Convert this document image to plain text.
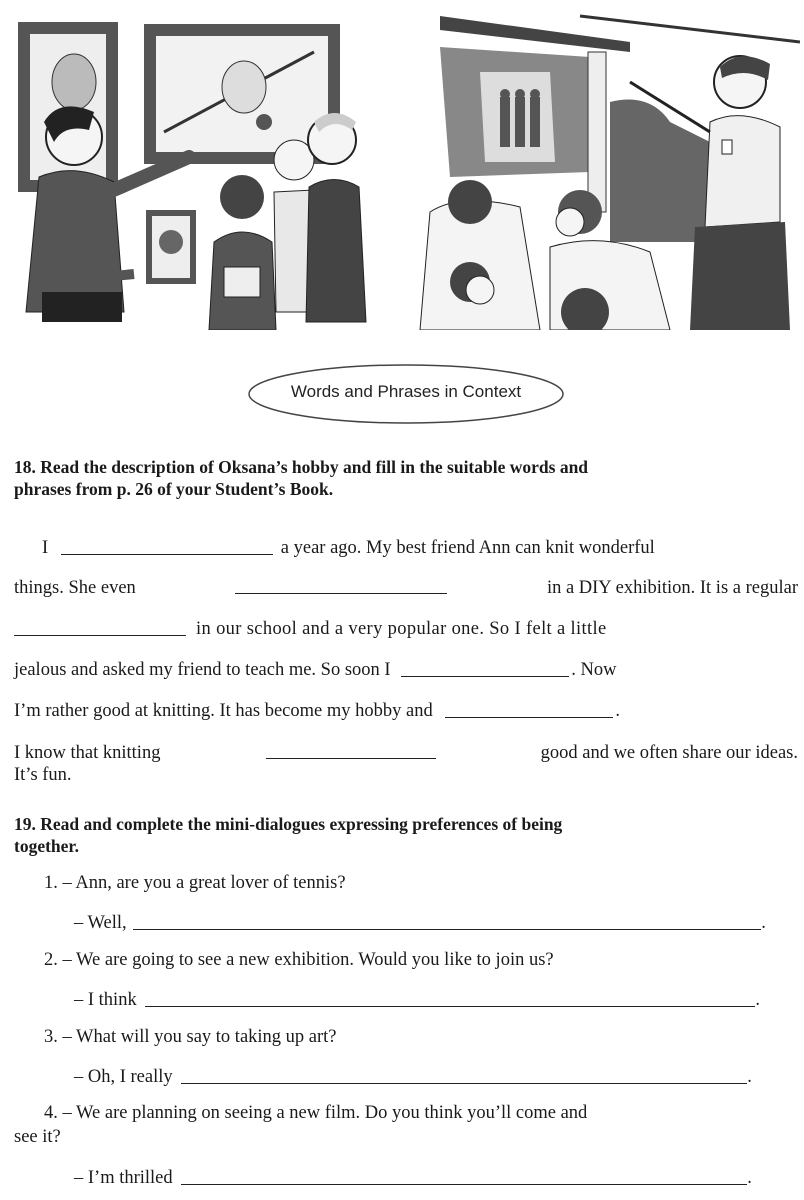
Words and Phrases in Context
18. Read the description of Oksana’s hobby and fill in the suitable words and
phrases from p. 26 of your Student’s Book.
I	a year ago. My best friend Ann can knit wonderful
things. She even	in a DIY exhibition. It is a regular
in our school and a very popular one. So I felt a little
jealous and asked my friend to teach me. So soon I	. Now
I’m rather good at knitting. It has become my hobby and	.
I know that knitting	good and we often share our ideas.
It’s fun.
19. Read and complete the mini-dialogues expressing preferences of being
together.
1. – Ann, are you a great lover of tennis?
– Well,	.
2. – We are going to see a new exhibition. Would you like to join us?
– I think	.
3. – What will you say to taking up art?
– Oh, I really	.
4. – We are planning on seeing a new film. Do you think you’ll come and
see it?
– I’m thrilled	.
